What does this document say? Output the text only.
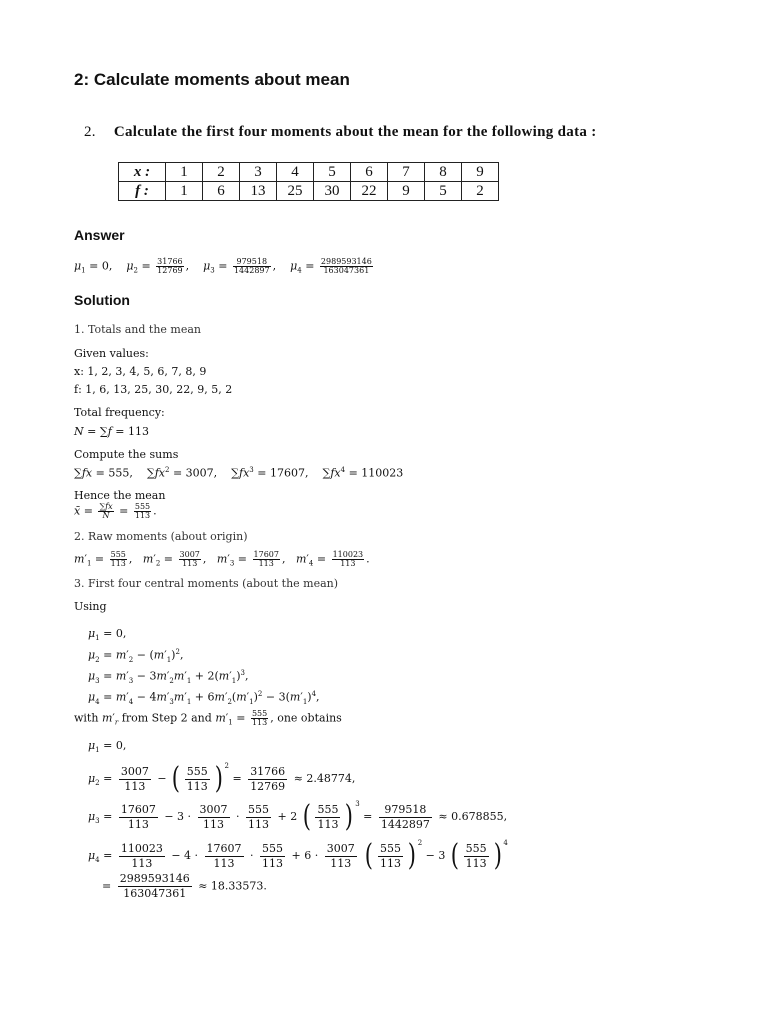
2: Calculate moments about mean
2. Calculate the first four moments about the mean for the following data :
x :	1	2	3	4	5	6	7	8	9
f :	1	6	13	25	30	22	9	5	2
Answer
$\mu_1 = 0$,    $\mu_2 = \frac{31766}{12769}$ ,    $\mu_3 = \frac{979518}{1442897}$ ,    $\mu_4 = \frac{2989593146}{163047361}$
Solution
1. Totals and the mean
Given values:
x: 1, 2, 3, 4, 5, 6, 7, 8, 9
f: 1, 6, 13, 25, 30, 22, 9, 5, 2
Total frequency:
N = ∑f = 113
Compute the sums
∑fx = 555,    $\sum fx^2 = 3007$,    $\sum fx^3 = 17607$,    $\sum fx^4 = 110023$
Hence the mean
x̄ = $\frac{\sum fx}{N} = \frac{555}{113}$ .
2. Raw moments (about origin)
$m'_1 = \frac{555}{113}$ ,   $m'_2 = \frac{3007}{113}$ ,   $m'_3 = \frac{17607}{113}$ ,   $m'_4 = \frac{110023}{113}$ .
3. First four central moments (about the mean)
Using
$\mu_1 = 0$,
$\mu_2 = m'_2 - (m'_1)^2$,
$\mu_3 = m'_3 - 3m'_2m'_1 + 2(m'_1)^3$,
$\mu_4 = m'_4 - 4m'_3m'_1 + 6m'_2(m'_1)^2 - 3(m'_1)^4$,
with $m'_r$ from Step 2 and $m'_1 = \frac{555}{113}$ , one obtains
$\mu_1 = 0$,
$\mu_2 = \frac{3007}{113}$ − ( $\frac{555}{113}$ ) $^2 = \frac{31766}{12769} \approx 2.48774$,
$\mu_3 = \frac{17607}{113} - 3 \cdot \frac{3007}{113} \cdot \frac{555}{113} + 2$ ( $\frac{555}{113}$ ) $^3 = \frac{979518}{1442897} \approx 0.678855$,
$\mu_4 = \frac{110023}{113} - 4 \cdot \frac{17607}{113} \cdot \frac{555}{113} + 6 \cdot \frac{3007}{113}$ ( $\frac{555}{113}$ ) $^2$ − 3 ( $\frac{555}{113}$ ) $^4$
= $\frac{2989593146}{163047361} \approx 18.33573$.
